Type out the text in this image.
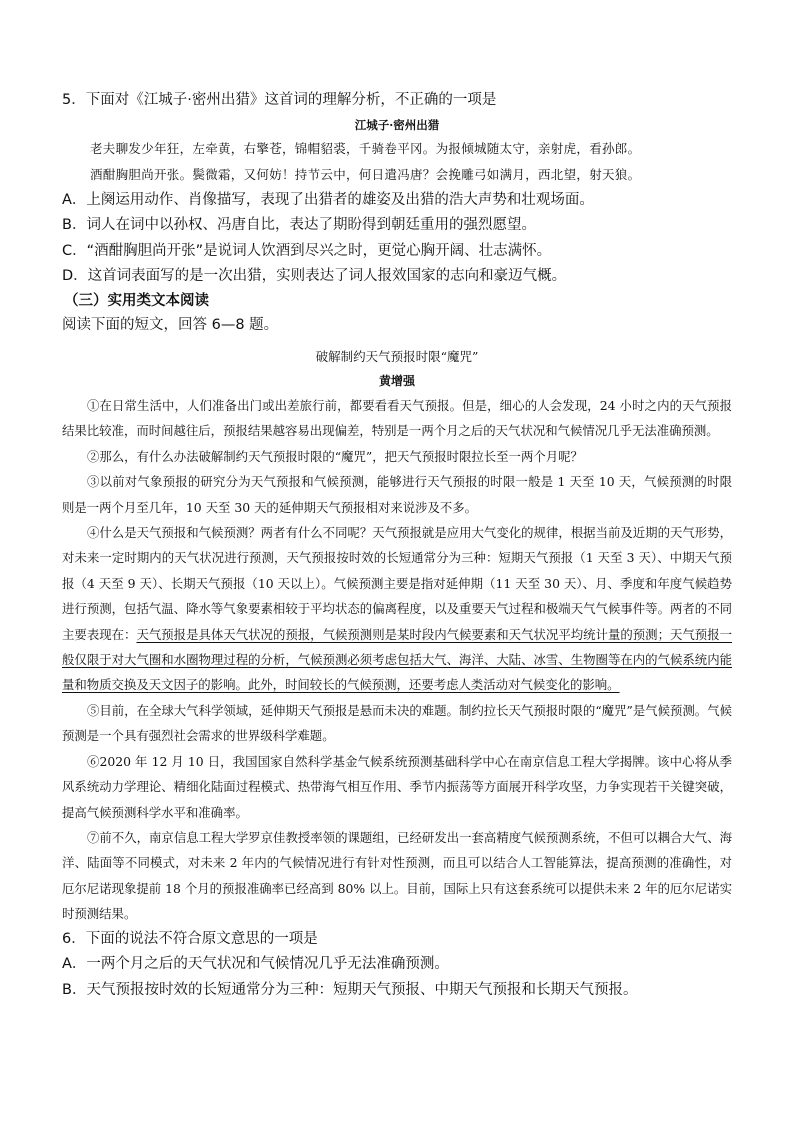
5．下面对《江城子·密州出猎》这首词的理解分析，不正确的一项是
江城子·密州出猎
老夫聊发少年狂，左牵黄，右擎苍，锦帽貂裘，千骑卷平冈。为报倾城随太守，亲射虎，看孙郎。
酒酣胸胆尚开张。鬓微霜，又何妨！持节云中，何日遣冯唐？会挽雕弓如满月，西北望，射天狼。
A．上阕运用动作、肖像描写，表现了出猎者的雄姿及出猎的浩大声势和壮观场面。
B．词人在词中以孙权、冯唐自比，表达了期盼得到朝廷重用的强烈愿望。
C．“酒酣胸胆尚开张”是说词人饮酒到尽兴之时，更觉心胸开阔、壮志满怀。
D．这首词表面写的是一次出猎，实则表达了词人报效国家的志向和豪迈气概。
（三）实用类文本阅读
阅读下面的短文，回答 6—8 题。
破解制约天气预报时限“魔咒”
黄增强
①在日常生活中，人们准备出门或出差旅行前，都要看看天气预报。但是，细心的人会发现，24 小时之内的天气预报结果比较准，而时间越往后，预报结果越容易出现偏差，特别是一两个月之后的天气状况和气候情况几乎无法准确预测。
②那么，有什么办法破解制约天气预报时限的“魔咒”，把天气预报时限拉长至一两个月呢？
③以前对气象预报的研究分为天气预报和气候预测，能够进行天气预报的时限一般是 1 天至 10 天，气候预测的时限则是一两个月至几年，10 天至 30 天的延伸期天气预报相对来说涉及不多。
④什么是天气预报和气候预测？两者有什么不同呢？天气预报就是应用大气变化的规律，根据当前及近期的天气形势，对未来一定时期内的天气状况进行预测，天气预报按时效的长短通常分为三种：短期天气预报（1 天至 3 天）、中期天气预报（4 天至 9 天）、长期天气预报（10 天以上）。气候预测主要是指对延伸期（11 天至 30 天）、月、季度和年度气候趋势进行预测，包括气温、降水等气象要素相较于平均状态的偏离程度，以及重要天气过程和极端天气气候事件等。两者的不同主要表现在：天气预报是具体天气状况的预报，气候预测则是某时段内气候要素和天气状况平均统计量的预测；天气预报一般仅限于对大气圈和水圈物理过程的分析，气候预测必须考虑包括大气、海洋、大陆、冰雪、生物圈等在内的气候系统内能量和物质交换及天文因子的影响。此外，时间较长的气候预测，还要考虑人类活动对气候变化的影响。
⑤目前，在全球大气科学领域，延伸期天气预报是悬而未决的难题。制约拉长天气预报时限的“魔咒”是气候预测。气候预测是一个具有强烈社会需求的世界级科学难题。
⑥2020 年 12 月 10 日，我国国家自然科学基金气候系统预测基础科学中心在南京信息工程大学揭牌。该中心将从季风系统动力学理论、精细化陆面过程模式、热带海气相互作用、季节内振荡等方面展开科学攻坚，力争实现若干关键突破，提高气候预测科学水平和准确率。
⑦前不久，南京信息工程大学罗京佳教授率领的课题组，已经研发出一套高精度气候预测系统，不但可以耦合大气、海洋、陆面等不同模式，对未来 2 年内的气候情况进行有针对性预测，而且可以结合人工智能算法，提高预测的准确性，对厄尔尼诺现象提前 18 个月的预报准确率已经高到 80% 以上。目前，国际上只有这套系统可以提供未来 2 年的厄尔尼诺实时预测结果。
6．下面的说法不符合原文意思的一项是
A．一两个月之后的天气状况和气候情况几乎无法准确预测。
B．天气预报按时效的长短通常分为三种：短期天气预报、中期天气预报和长期天气预报。
